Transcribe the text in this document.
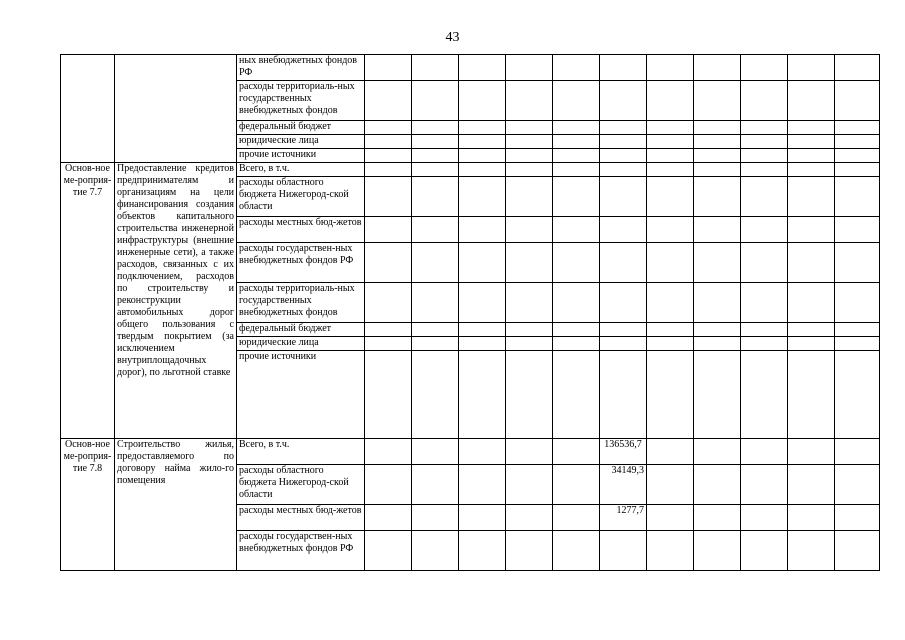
43
		ных внебюджетных фондов РФ											
		расходы территориаль-ных государственных внебюджетных фондов											
		федеральный бюджет											
		юридические лица											
		прочие источники											
Основ-ное ме-роприя-тие 7.7	Предоставление кредитов предпринимателям и организациям на цели финансирования создания объектов капитального строительства инженерной инфраструктуры (внешние инженерные сети), а также расходов, связанных с их подключением, расходов по строительству и реконструкции автомобильных дорог общего пользования с твердым покрытием (за исключением внутриплощадочных дорог), по льготной ставке	Всего, в т.ч.											
		расходы областного бюджета Нижегород-ской области											
		расходы местных бюд-жетов											
		расходы государствен-ных внебюджетных фондов РФ											
		расходы территориаль-ных государственных внебюджетных фондов											
		федеральный бюджет											
		юридические лица											
		прочие источники											
Основ-ное ме-роприя-тие 7.8	Строительство жилья, предоставляемого по договору найма жило-го помещения	Всего, в т.ч.						136536,7					
		расходы областного бюджета Нижегород-ской области						34149,3					
		расходы местных бюд-жетов						1277,7					
		расходы государствен-ных внебюджетных фондов РФ											
